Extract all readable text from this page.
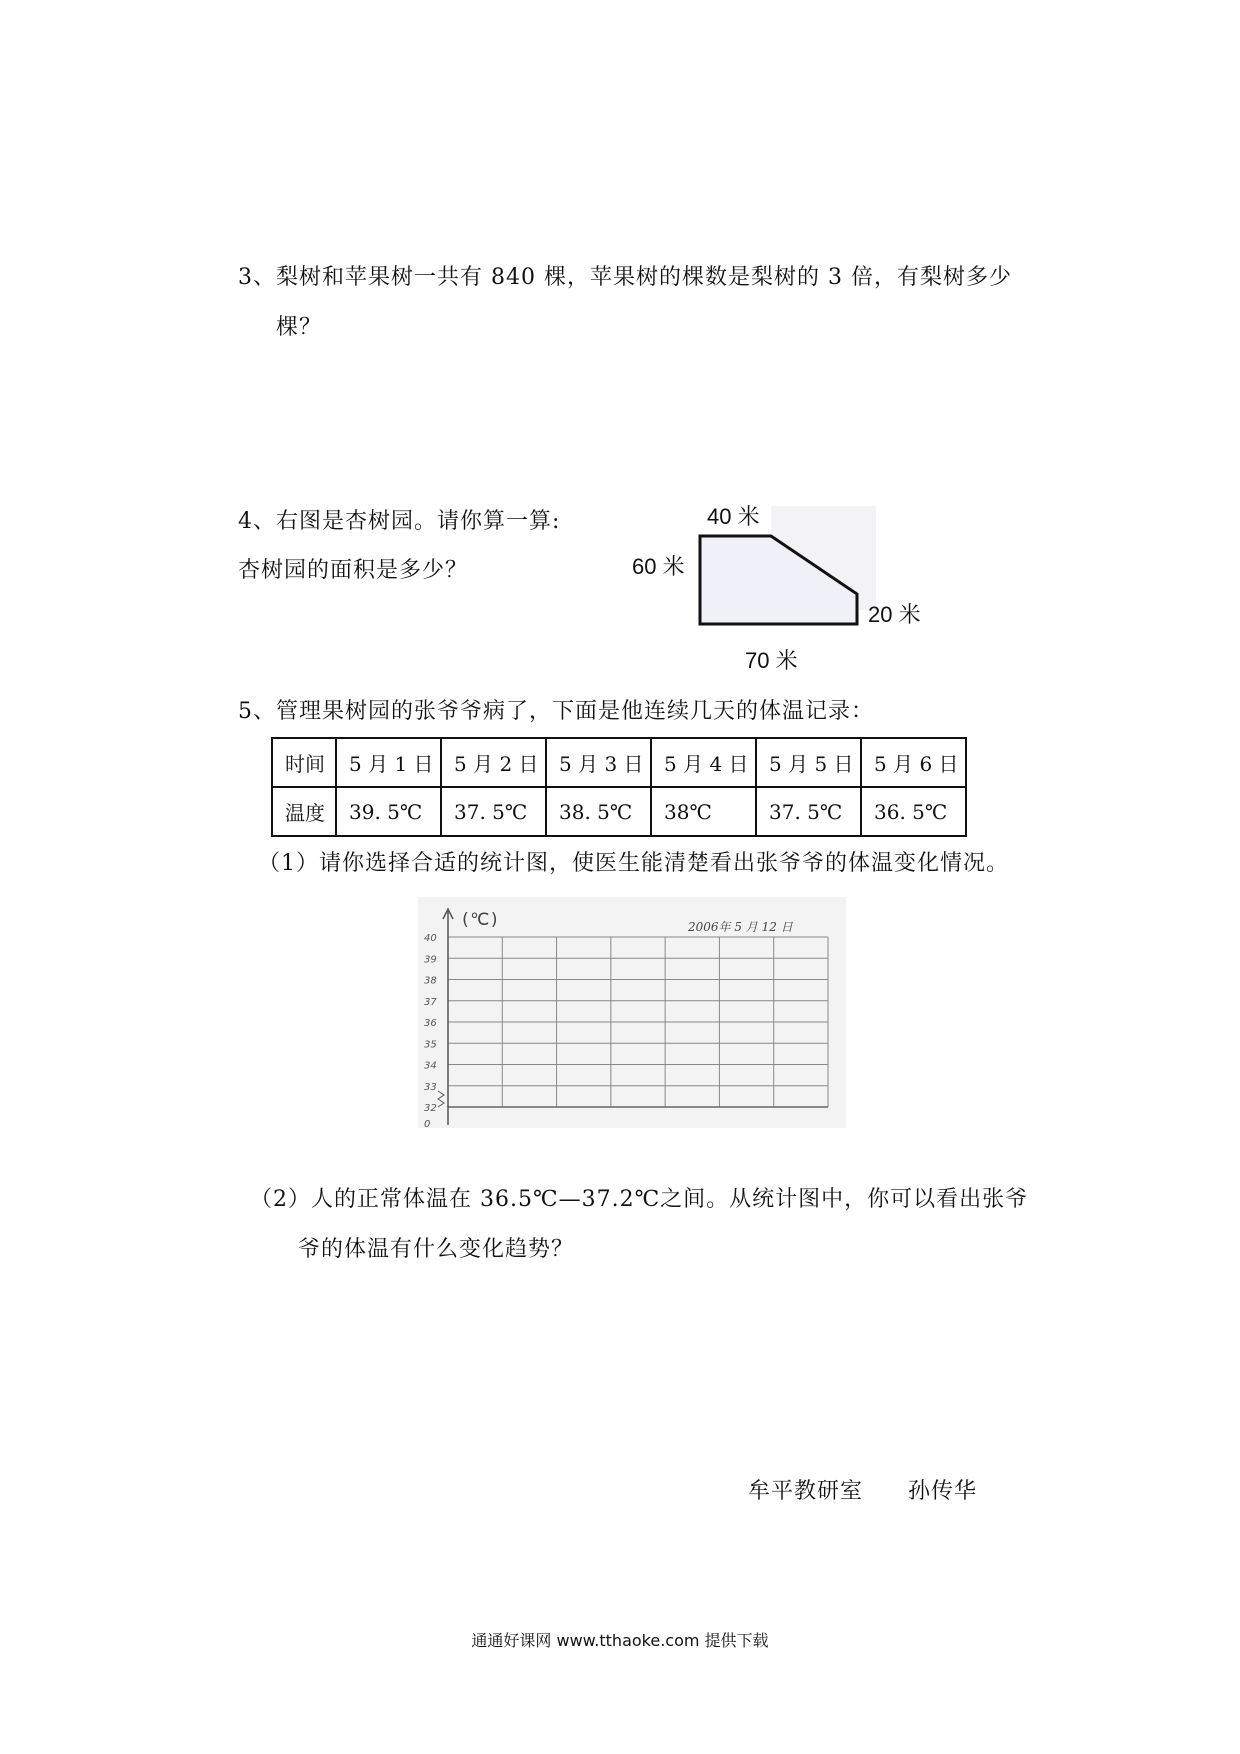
3、梨树和苹果树一共有 840 棵，苹果树的棵数是梨树的 3 倍，有梨树多少
棵？
4、右图是杏树园。请你算一算:
杏树园的面积是多少？
40 米
60 米
20 米
70 米
5、管理果树园的张爷爷病了，下面是他连续几天的体温记录：
时间	5 月 1 日	5 月 2 日	5 月 3 日	5 月 4 日	5 月 5 日	5 月 6 日
温度	39. 5℃	37. 5℃	38. 5℃	38℃	37. 5℃	36. 5℃
（1）请你选择合适的统计图，使医生能清楚看出张爷爷的体温变化情况。
(℃)	2006年 5 月 12 日
40
39
38
37
36
35
34
33
32
0
（2）人的正常体温在 36.5℃—37.2℃之间。从统计图中，你可以看出张爷
爷的体温有什么变化趋势？
牟平教研室 孙传华
通通好课网 www.tthaoke.com 提供下载
